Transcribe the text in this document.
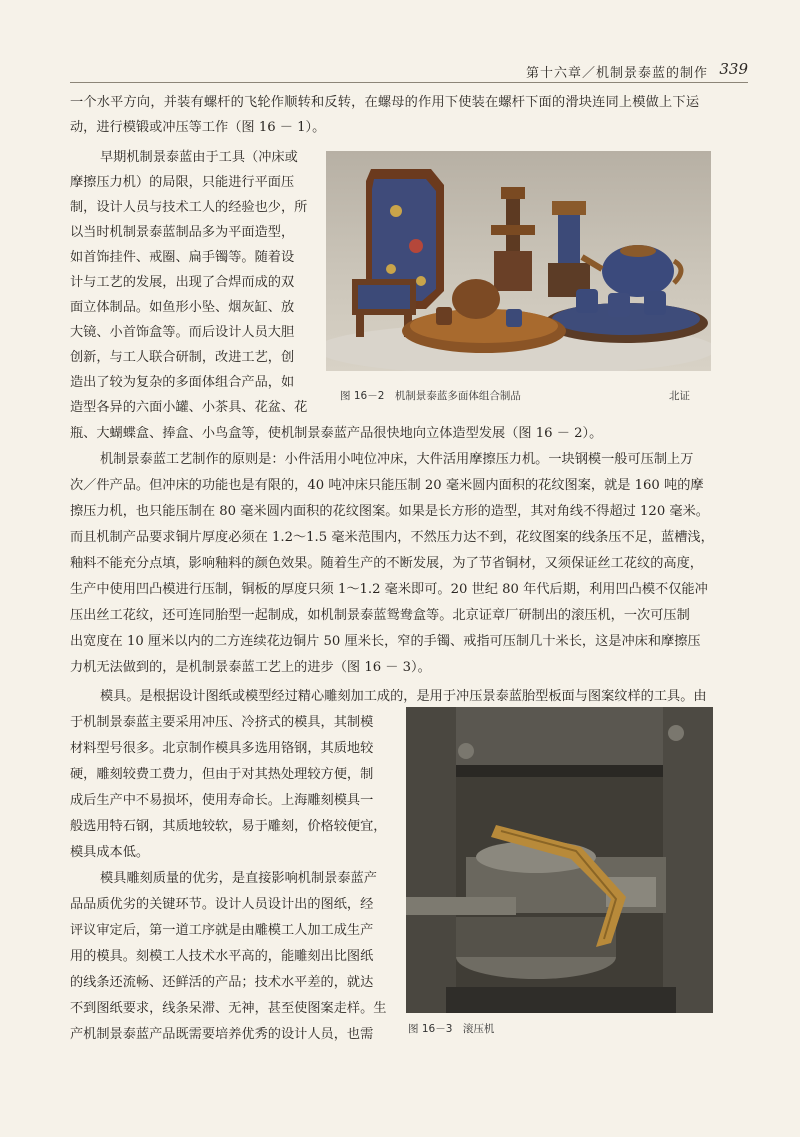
第十六章／机制景泰蓝的制作 339
一个水平方向，并装有螺杆的飞轮作顺转和反转，在螺母的作用下使装在螺杆下面的滑块连同上模做上下运
动，进行模锻或冲压等工作（图 16 － 1）。
早期机制景泰蓝由于工具（冲床或
摩擦压力机）的局限，只能进行平面压
制，设计人员与技术工人的经验也少，所
以当时机制景泰蓝制品多为平面造型，
如首饰挂件、戒圈、扁手镯等。随着设
计与工艺的发展，出现了合焊而成的双
面立体制品。如鱼形小坠、烟灰缸、放
大镜、小首饰盒等。而后设计人员大胆
创新，与工人联合研制，改进工艺，创
造出了较为复杂的多面体组合产品，如
造型各异的六面小罐、小茶具、花盆、花
瓶、大蝴蝶盒、捧盒、小鸟盒等，使机制景泰蓝产品很快地向立体造型发展（图 16 － 2）。
图 16－2　机制景泰蓝多面体组合制品	北证
机制景泰蓝工艺制作的原则是：小件活用小吨位冲床，大件活用摩擦压力机。一块钢模一般可压制上万
次／件产品。但冲床的功能也是有限的，40 吨冲床只能压制 20 毫米圆内面积的花纹图案，就是 160 吨的摩
擦压力机，也只能压制在 80 毫米圆内面积的花纹图案。如果是长方形的造型，其对角线不得超过 120 毫米。
而且机制产品要求铜片厚度必须在 1.2～1.5 毫米范围内，不然压力达不到，花纹图案的线条压不足，蓝槽浅，
釉料不能充分点填，影响釉料的颜色效果。随着生产的不断发展，为了节省铜材，又须保证丝工花纹的高度，
生产中使用凹凸模进行压制，铜板的厚度只须 1～1.2 毫米即可。20 世纪 80 年代后期，利用凹凸模不仅能冲
压出丝工花纹，还可连同胎型一起制成，如机制景泰蓝鸳鸯盒等。北京证章厂研制出的滚压机，一次可压制
出宽度在 10 厘米以内的二方连续花边铜片 50 厘米长，窄的手镯、戒指可压制几十米长，这是冲床和摩擦压
力机无法做到的，是机制景泰蓝工艺上的进步（图 16 － 3）。
模具。是根据设计图纸或模型经过精心雕刻加工成的，是用于冲压景泰蓝胎型板面与图案纹样的工具。由
于机制景泰蓝主要采用冲压、冷挤式的模具，其制模
材料型号很多。北京制作模具多选用铬钢，其质地较
硬，雕刻较费工费力，但由于对其热处理较方便，制
成后生产中不易损坏，使用寿命长。上海雕刻模具一
般选用特石钢，其质地较软，易于雕刻，价格较便宜，
模具成本低。
模具雕刻质量的优劣，是直接影响机制景泰蓝产
品品质优劣的关键环节。设计人员设计出的图纸，经
评议审定后，第一道工序就是由雕模工人加工成生产
用的模具。刻模工人技术水平高的，能雕刻出比图纸
的线条还流畅、还鲜活的产品；技术水平差的，就达
不到图纸要求，线条呆滞、无神，甚至使图案走样。生
产机制景泰蓝产品既需要培养优秀的设计人员，也需	图 16－3　滚压机
